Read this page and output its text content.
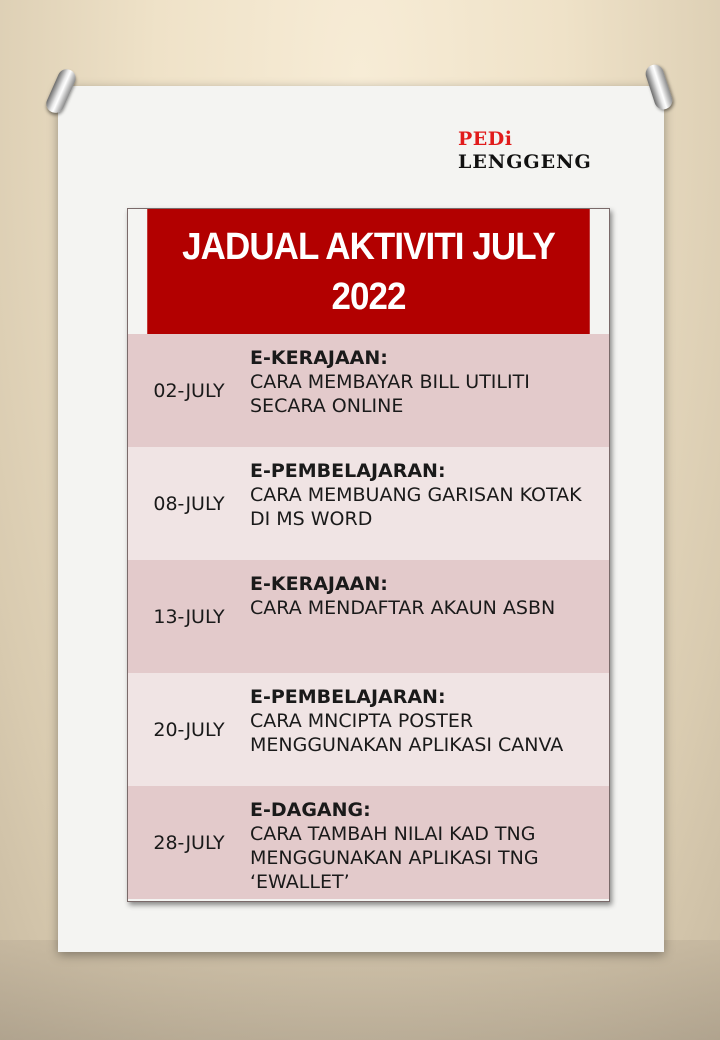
PEDi
LENGGENG
JADUAL AKTIVITI JULY
2022
02-JULY
E-KERAJAAN:
CARA MEMBAYAR BILL UTILITI
SECARA ONLINE
08-JULY
E-PEMBELAJARAN:
CARA MEMBUANG GARISAN KOTAK
DI MS WORD
13-JULY
E-KERAJAAN:
CARA MENDAFTAR AKAUN ASBN
20-JULY
E-PEMBELAJARAN:
CARA MNCIPTA POSTER
MENGGUNAKAN APLIKASI CANVA
28-JULY
E-DAGANG:
CARA TAMBAH NILAI KAD TNG
MENGGUNAKAN APLIKASI TNG
‘EWALLET’
